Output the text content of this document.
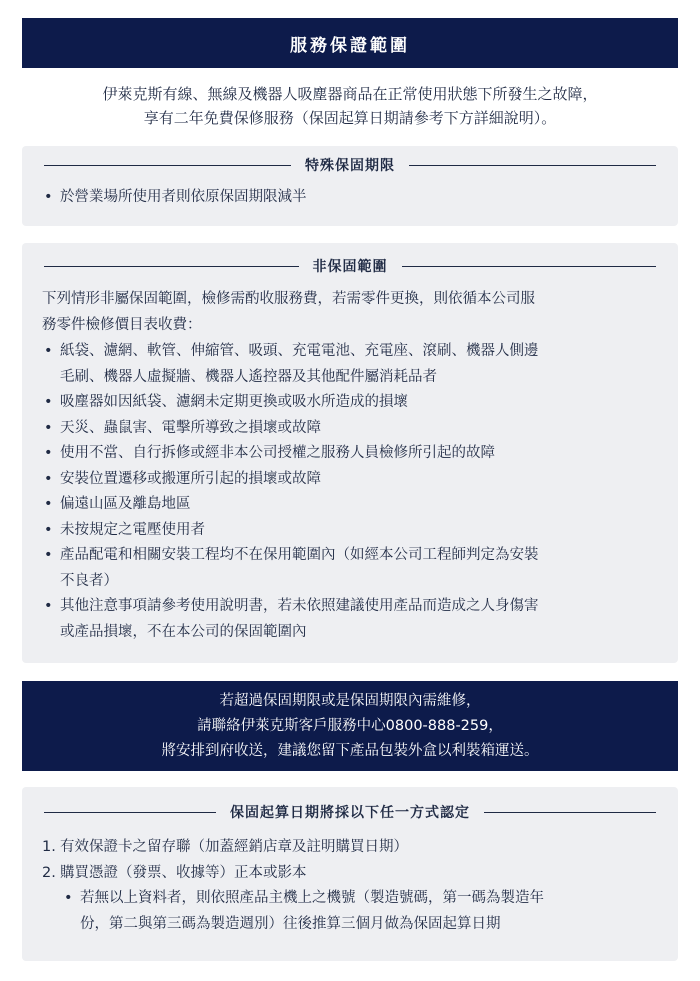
服務保證範圍
伊萊克斯有線、無線及機器人吸塵器商品在正常使用狀態下所發生之故障，
享有二年免費保修服務（保固起算日期請參考下方詳細說明）。
特殊保固期限
• 於營業場所使用者則依原保固期限減半
非保固範圍
下列情形非屬保固範圍，檢修需酌收服務費，若需零件更換，則依循本公司服
務零件檢修價目表收費：
• 紙袋、濾網、軟管、伸縮管、吸頭、充電電池、充電座、滾刷、機器人側邊
毛刷、機器人虛擬牆、機器人遙控器及其他配件屬消耗品者
• 吸塵器如因紙袋、濾網未定期更換或吸水所造成的損壞
• 天災、蟲鼠害、電擊所導致之損壞或故障
• 使用不當、自行拆修或經非本公司授權之服務人員檢修所引起的故障
• 安裝位置遷移或搬運所引起的損壞或故障
• 偏遠山區及離島地區
• 未按規定之電壓使用者
• 產品配電和相關安裝工程均不在保用範圍內（如經本公司工程師判定為安裝
不良者）
• 其他注意事項請參考使用說明書，若未依照建議使用產品而造成之人身傷害
或產品損壞，不在本公司的保固範圍內
若超過保固期限或是保固期限內需維修，
請聯絡伊萊克斯客戶服務中心0800-888-259，
將安排到府收送，建議您留下產品包裝外盒以利裝箱運送。
保固起算日期將採以下任一方式認定
1. 有效保證卡之留存聯（加蓋經銷店章及註明購買日期）
2. 購買憑證（發票、收據等）正本或影本
• 若無以上資料者，則依照產品主機上之機號（製造號碼，第一碼為製造年
份，第二與第三碼為製造週別）往後推算三個月做為保固起算日期
